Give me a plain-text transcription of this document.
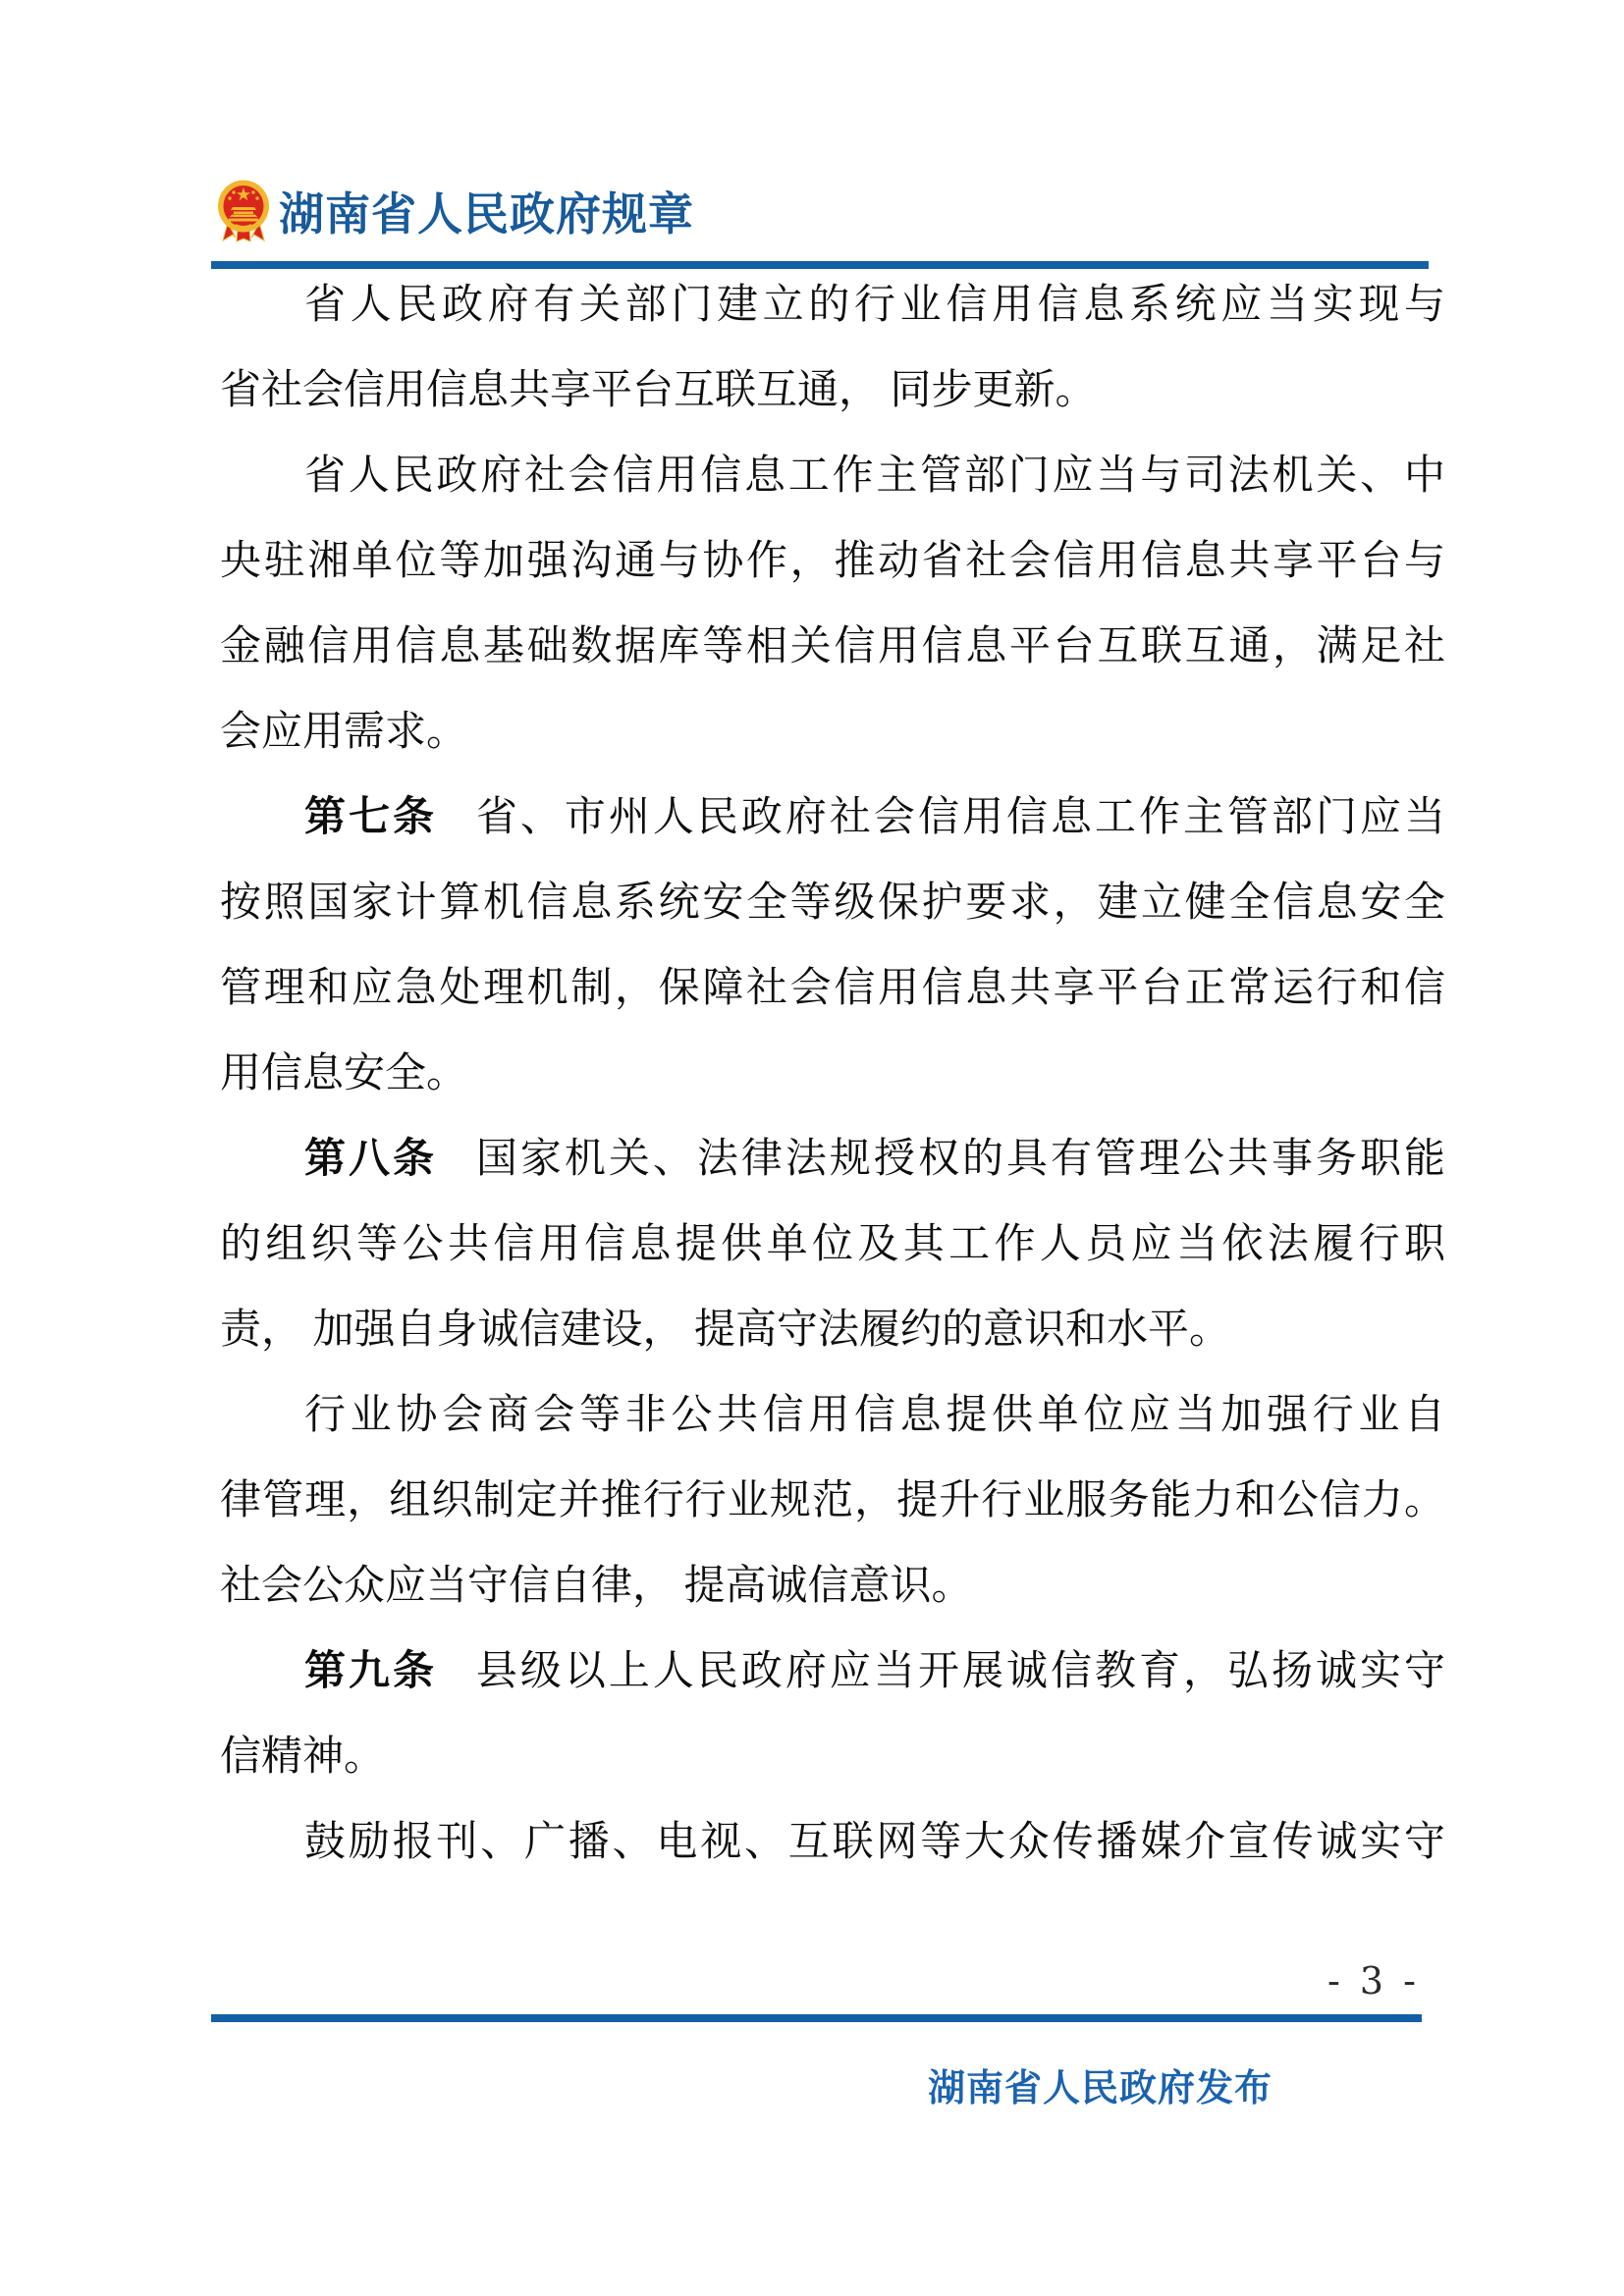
湖南省人民政府规章
省人民政府有关部门建立的行业信用信息系统应当实现与
省社会信用信息共享平台互联互通， 同步更新。
省人民政府社会信用信息工作主管部门应当与司法机关、中
央驻湘单位等加强沟通与协作，推动省社会信用信息共享平台与
金融信用信息基础数据库等相关信用信息平台互联互通，满足社
会应用需求。
第七条 省、市州人民政府社会信用信息工作主管部门应当
按照国家计算机信息系统安全等级保护要求，建立健全信息安全
管理和应急处理机制，保障社会信用信息共享平台正常运行和信
用信息安全。
第八条 国家机关、法律法规授权的具有管理公共事务职能
的组织等公共信用信息提供单位及其工作人员应当依法履行职
责， 加强自身诚信建设， 提高守法履约的意识和水平。
行业协会商会等非公共信用信息提供单位应当加强行业自
律管理，组织制定并推行行业规范，提升行业服务能力和公信力。
社会公众应当守信自律， 提高诚信意识。
第九条 县级以上人民政府应当开展诚信教育，弘扬诚实守
信精神。
鼓励报刊、广播、电视、互联网等大众传播媒介宣传诚实守
- 3 -
湖南省人民政府发布
